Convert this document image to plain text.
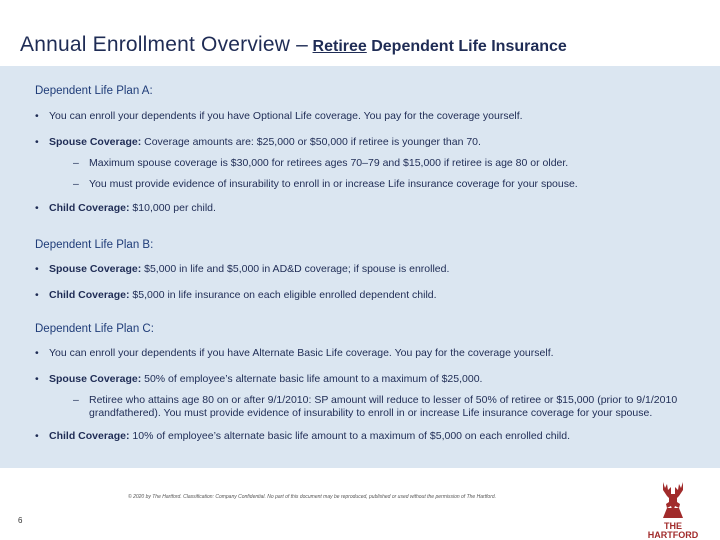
Annual Enrollment Overview – Retiree Dependent Life Insurance

Dependent Life Plan A:

• You can enroll your dependents if you have Optional Life coverage. You pay for the coverage yourself.

• Spouse Coverage: Coverage amounts are: $25,000 or $50,000 if retiree is younger than 70.

– Maximum spouse coverage is $30,000 for retirees ages 70–79 and $15,000 if retiree is age 80 or older.

– You must provide evidence of insurability to enroll in or increase Life insurance coverage for your spouse.

• Child Coverage: $10,000 per child.

Dependent Life Plan B:

• Spouse Coverage: $5,000 in life and $5,000 in AD&D coverage; if spouse is enrolled.

• Child Coverage: $5,000 in life insurance on each eligible enrolled dependent child.

Dependent Life Plan C:

• You can enroll your dependents if you have Alternate Basic Life coverage. You pay for the coverage yourself.

• Spouse Coverage: 50% of employee’s alternate basic life amount to a maximum of $25,000.

– Retiree who attains age 80 on or after 9/1/2010: SP amount will reduce to lesser of 50% of retiree or $15,000 (prior to 9/1/2010 grandfathered). You must provide evidence of insurability to enroll in or increase Life insurance coverage for your spouse.

• Child Coverage: 10% of employee’s alternate basic life amount to a maximum of $5,000 on each enrolled child.

© 2020 by The Hartford. Classification: Company Confidential. No part of this document may be reproduced, published or used without the permission of The Hartford.
6
THE
HARTFORD
